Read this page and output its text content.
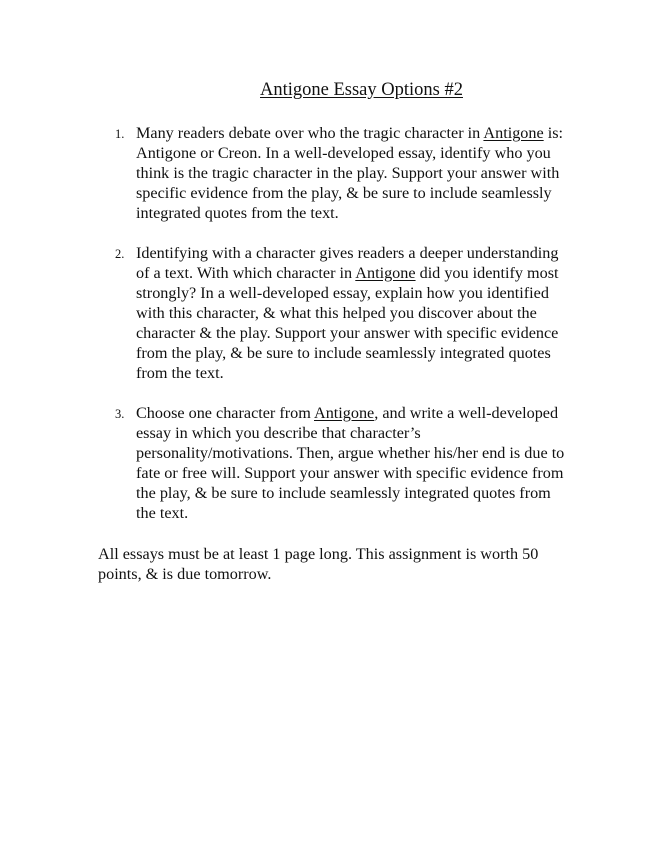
Antigone Essay Options #2
1. Many readers debate over who the tragic character in Antigone is: Antigone or Creon. In a well-developed essay, identify who you think is the tragic character in the play. Support your answer with specific evidence from the play, & be sure to include seamlessly integrated quotes from the text.
2. Identifying with a character gives readers a deeper understanding of a text. With which character in Antigone did you identify most strongly? In a well-developed essay, explain how you identified with this character, & what this helped you discover about the character & the play. Support your answer with specific evidence from the play, & be sure to include seamlessly integrated quotes from the text.
3. Choose one character from Antigone, and write a well-developed essay in which you describe that character’s personality/motivations. Then, argue whether his/her end is due to fate or free will. Support your answer with specific evidence from the play, & be sure to include seamlessly integrated quotes from the text.

All essays must be at least 1 page long. This assignment is worth 50 points, & is due tomorrow.
